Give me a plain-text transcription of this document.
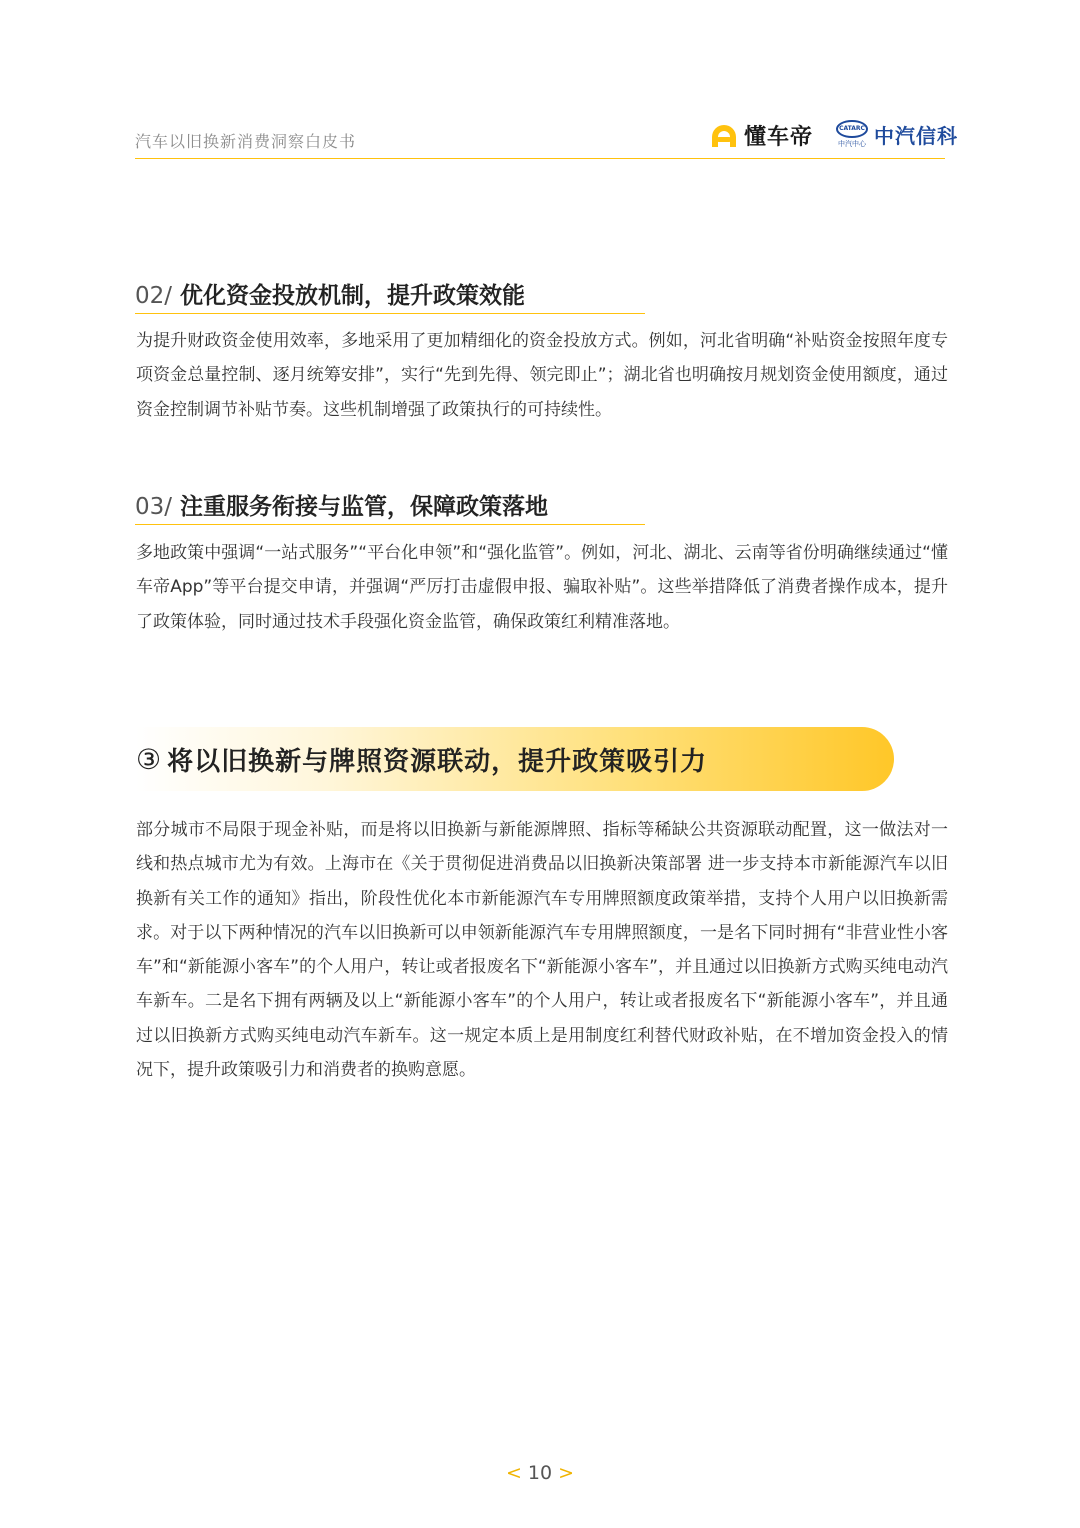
汽车以旧换新消费洞察白皮书	懂车帝	CATARC
中汽中心 中汽信科
02/ 优化资金投放机制，提升政策效能

为提升财政资金使用效率，多地采用了更加精细化的资金投放方式。例如，河北省明确“补贴资金按照年度专项资金总量控制、逐月统筹安排”，实行“先到先得、领完即止”；湖北省也明确按月规划资金使用额度，通过资金控制调节补贴节奏。这些机制增强了政策执行的可持续性。

03/ 注重服务衔接与监管，保障政策落地

多地政策中强调“一站式服务”“平台化申领”和“强化监管”。例如，河北、湖北、云南等省份明确继续通过“懂车帝App”等平台提交申请，并强调“严厉打击虚假申报、骗取补贴”。这些举措降低了消费者操作成本，提升了政策体验，同时通过技术手段强化资金监管，确保政策红利精准落地。

③ 将以旧换新与牌照资源联动，提升政策吸引力

部分城市不局限于现金补贴，而是将以旧换新与新能源牌照、指标等稀缺公共资源联动配置，这一做法对一线和热点城市尤为有效。上海市在《关于贯彻促进消费品以旧换新决策部署 进一步支持本市新能源汽车以旧换新有关工作的通知》指出，阶段性优化本市新能源汽车专用牌照额度政策举措，支持个人用户以旧换新需求。对于以下两种情况的汽车以旧换新可以申领新能源汽车专用牌照额度，一是名下同时拥有“非营业性小客车”和“新能源小客车”的个人用户，转让或者报废名下“新能源小客车”，并且通过以旧换新方式购买纯电动汽车新车。二是名下拥有两辆及以上“新能源小客车”的个人用户，转让或者报废名下“新能源小客车”，并且通过以旧换新方式购买纯电动汽车新车。这一规定本质上是用制度红利替代财政补贴，在不增加资金投入的情况下，提升政策吸引力和消费者的换购意愿。

< 10 >
